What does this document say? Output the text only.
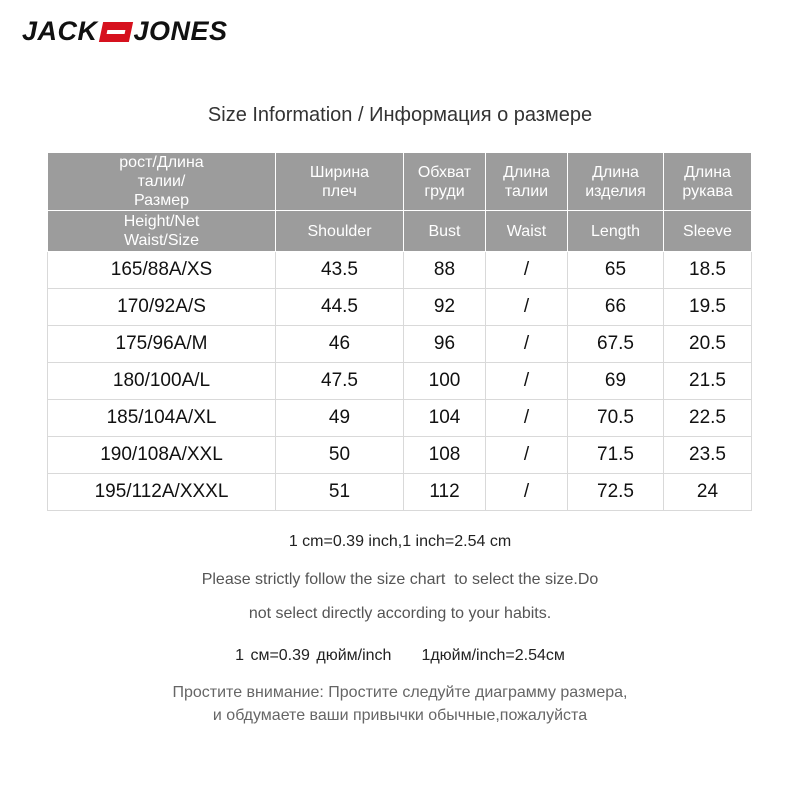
JACK JONES
Size Information / Информация о размере
рост/Длина талии/Размер	Ширина плеч	Обхват груди	Длина талии	Длина изделия	Длина рукава
Height/Net Waist/Size	Shoulder	Bust	Waist	Length	Sleeve
165/88A/XS	43.5	88	/	65	18.5
170/92A/S	44.5	92	/	66	19.5
175/96A/M	46	96	/	67.5	20.5
180/100A/L	47.5	100	/	69	21.5
185/104A/XL	49	104	/	70.5	22.5
190/108A/XXL	50	108	/	71.5	23.5
195/112A/XXXL	51	112	/	72.5	24
1 cm=0.39 inch,1 inch=2.54 cm
Please strictly follow the size chart  to select the size.Do
not select directly according to your habits.
1 см=0.39 дюйм/inch 1дюйм/inch=2.54см
Простите внимание: Простите следуйте диаграмму размера,
и обдумаете ваши привычки обычные,пожалуйста
